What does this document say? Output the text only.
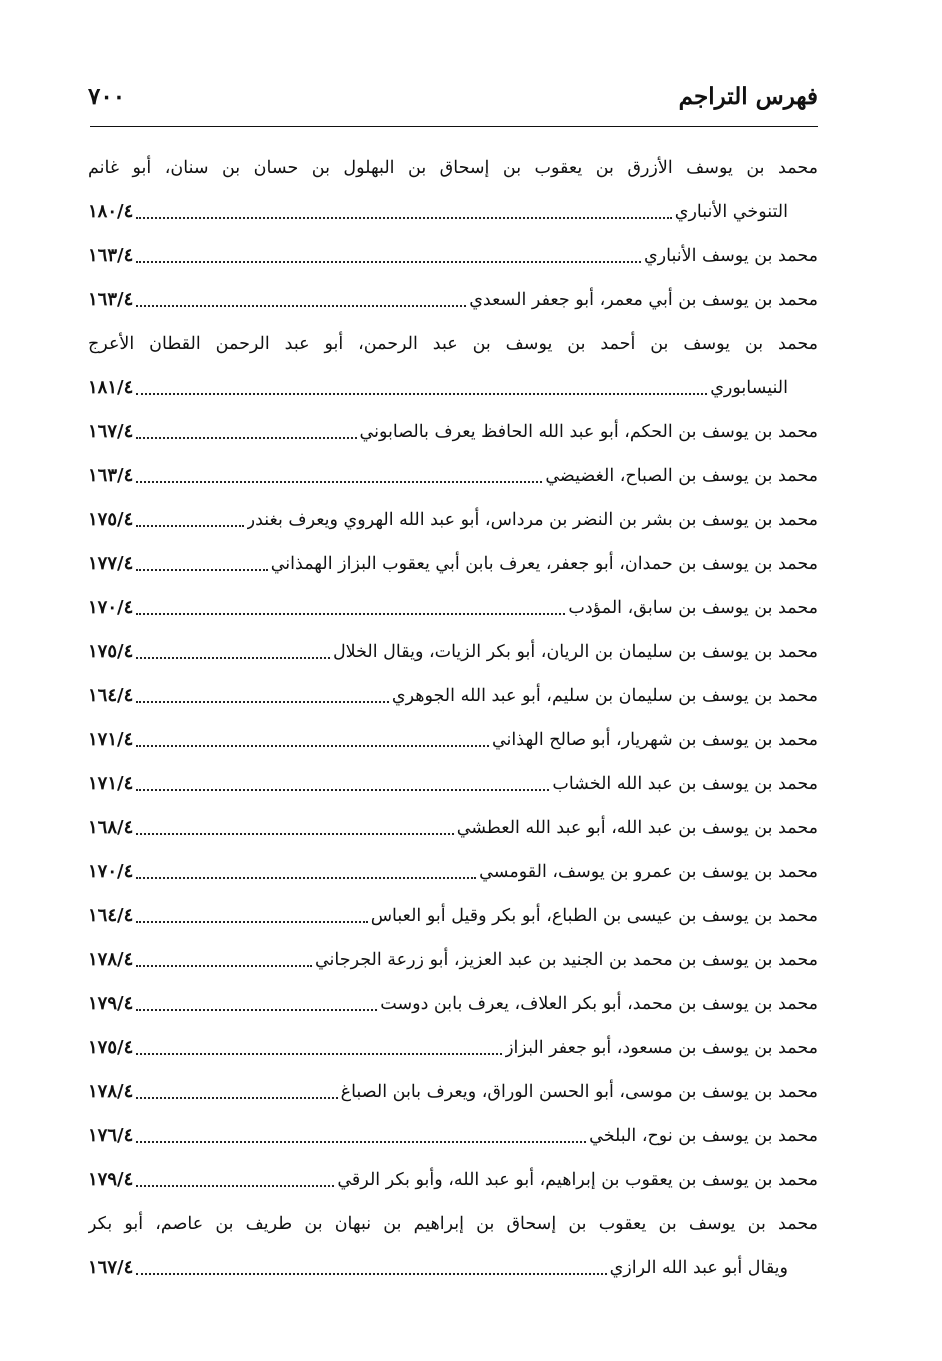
فهرس التراجم
٧٠٠
محمد بن يوسف الأزرق بن يعقوب بن إسحاق بن البهلول بن حسان بن سنان، أبو غانم
التنوخي الأنباري
١٨٠/٤
محمد بن يوسف الأنباري
١٦٣/٤
محمد بن يوسف بن أبي معمر، أبو جعفر السعدي
١٦٣/٤
محمد بن يوسف بن أحمد بن يوسف بن عبد الرحمن، أبو عبد الرحمن القطان الأعرج
النيسابوري
١٨١/٤
محمد بن يوسف بن الحكم، أبو عبد الله الحافظ يعرف بالصابوني
١٦٧/٤
محمد بن يوسف بن الصباح، الغضيضي
١٦٣/٤
محمد بن يوسف بن بشر بن النضر بن مرداس، أبو عبد الله الهروي ويعرف بغندر
١٧٥/٤
محمد بن يوسف بن حمدان، أبو جعفر، يعرف بابن أبي يعقوب البزاز الهمذاني
١٧٧/٤
محمد بن يوسف بن سابق، المؤدب
١٧٠/٤
محمد بن يوسف بن سليمان بن الريان، أبو بكر الزيات، ويقال الخلال
١٧٥/٤
محمد بن يوسف بن سليمان بن سليم، أبو عبد الله الجوهري
١٦٤/٤
محمد بن يوسف بن شهريار، أبو صالح الهذاني
١٧١/٤
محمد بن يوسف بن عبد الله الخشاب
١٧١/٤
محمد بن يوسف بن عبد الله، أبو عبد الله العطشي
١٦٨/٤
محمد بن يوسف بن عمرو بن يوسف، القومسي
١٧٠/٤
محمد بن يوسف بن عيسى بن الطباع، أبو بكر وقيل أبو العباس
١٦٤/٤
محمد بن يوسف بن محمد بن الجنيد بن عبد العزيز، أبو زرعة الجرجاني
١٧٨/٤
محمد بن يوسف بن محمد، أبو بكر العلاف، يعرف بابن دوست
١٧٩/٤
محمد بن يوسف بن مسعود، أبو جعفر البزاز
١٧٥/٤
محمد بن يوسف بن موسى، أبو الحسن الوراق، ويعرف بابن الصباغ
١٧٨/٤
محمد بن يوسف بن نوح، البلخي
١٧٦/٤
محمد بن يوسف بن يعقوب بن إبراهيم، أبو عبد الله، وأبو بكر الرقي
١٧٩/٤
محمد بن يوسف بن يعقوب بن إسحاق بن إبراهيم بن نبهان بن طريف بن عاصم، أبو بكر
ويقال أبو عبد الله الرازي
١٦٧/٤
